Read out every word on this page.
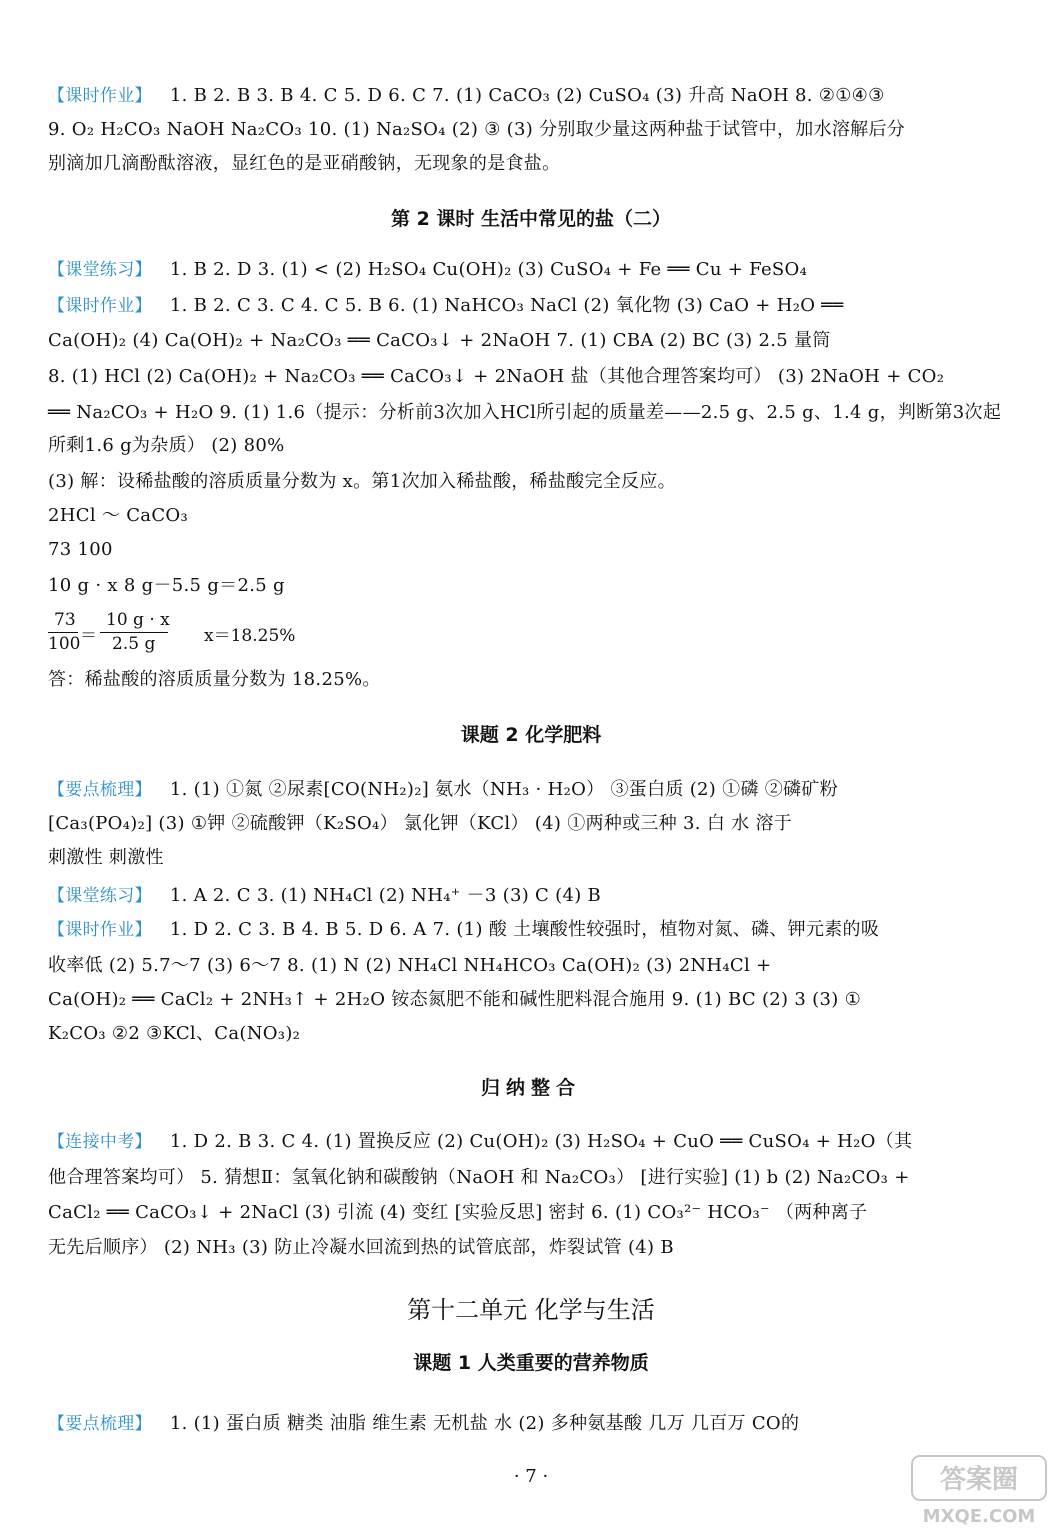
【课时作业】 1. B 2. B 3. B 4. C 5. D 6. C 7. (1) CaCO₃ (2) CuSO₄ (3) 升高 NaOH 8. ②①④③
9. O₂ H₂CO₃ NaOH Na₂CO₃ 10. (1) Na₂SO₄ (2) ③ (3) 分别取少量这两种盐于试管中，加水溶解后分
别滴加几滴酚酞溶液，显红色的是亚硝酸钠，无现象的是食盐。
第 2 课时 生活中常见的盐（二）
【课堂练习】 1. B 2. D 3. (1) < (2) H₂SO₄ Cu(OH)₂ (3) CuSO₄ + Fe ══ Cu + FeSO₄
【课时作业】 1. B 2. C 3. C 4. C 5. B 6. (1) NaHCO₃ NaCl (2) 氧化物 (3) CaO + H₂O ══
Ca(OH)₂ (4) Ca(OH)₂ + Na₂CO₃ ══ CaCO₃↓ + 2NaOH 7. (1) CBA (2) BC (3) 2.5 量筒
8. (1) HCl (2) Ca(OH)₂ + Na₂CO₃ ══ CaCO₃↓ + 2NaOH 盐（其他合理答案均可） (3) 2NaOH + CO₂
══ Na₂CO₃ + H₂O 9. (1) 1.6（提示：分析前3次加入HCl所引起的质量差——2.5 g、2.5 g、1.4 g，判断第3次起
所剩1.6 g为杂质） (2) 80%
(3) 解：设稀盐酸的溶质质量分数为 x。第1次加入稀盐酸，稀盐酸完全反应。
2HCl ～ CaCO₃
73 100
10 g · x 8 g－5.5 g＝2.5 g
73
100 ＝
10 g · x
2.5 g	x＝18.25%
答：稀盐酸的溶质质量分数为 18.25%。
课题 2 化学肥料
【要点梳理】 1. (1) ①氮 ②尿素[CO(NH₂)₂] 氨水（NH₃ · H₂O） ③蛋白质 (2) ①磷 ②磷矿粉
[Ca₃(PO₄)₂] (3) ①钾 ②硫酸钾（K₂SO₄） 氯化钾（KCl） (4) ①两种或三种 3. 白 水 溶于
刺激性 刺激性
【课堂练习】 1. A 2. C 3. (1) NH₄Cl (2) NH₄⁺ －3 (3) C (4) B
【课时作业】 1. D 2. C 3. B 4. B 5. D 6. A 7. (1) 酸 土壤酸性较强时，植物对氮、磷、钾元素的吸
收率低 (2) 5.7～7 (3) 6～7 8. (1) N (2) NH₄Cl NH₄HCO₃ Ca(OH)₂ (3) 2NH₄Cl +
Ca(OH)₂ ══ CaCl₂ + 2NH₃↑ + 2H₂O 铵态氮肥不能和碱性肥料混合施用 9. (1) BC (2) 3 (3) ①
K₂CO₃ ②2 ③KCl、Ca(NO₃)₂
归纳整合
【连接中考】 1. D 2. B 3. C 4. (1) 置换反应 (2) Cu(OH)₂ (3) H₂SO₄ + CuO ══ CuSO₄ + H₂O（其
他合理答案均可） 5. 猜想Ⅱ：氢氧化钠和碳酸钠（NaOH 和 Na₂CO₃） [进行实验] (1) b (2) Na₂CO₃ +
CaCl₂ ══ CaCO₃↓ + 2NaCl (3) 引流 (4) 变红 [实验反思] 密封 6. (1) CO₃²⁻ HCO₃⁻ （两种离子
无先后顺序） (2) NH₃ (3) 防止冷凝水回流到热的试管底部，炸裂试管 (4) B
第十二单元 化学与生活
课题 1 人类重要的营养物质
【要点梳理】 1. (1) 蛋白质 糖类 油脂 维生素 无机盐 水 (2) 多种氨基酸 几万 几百万 CO的
· 7 ·	答案圈
MXQE.COM
